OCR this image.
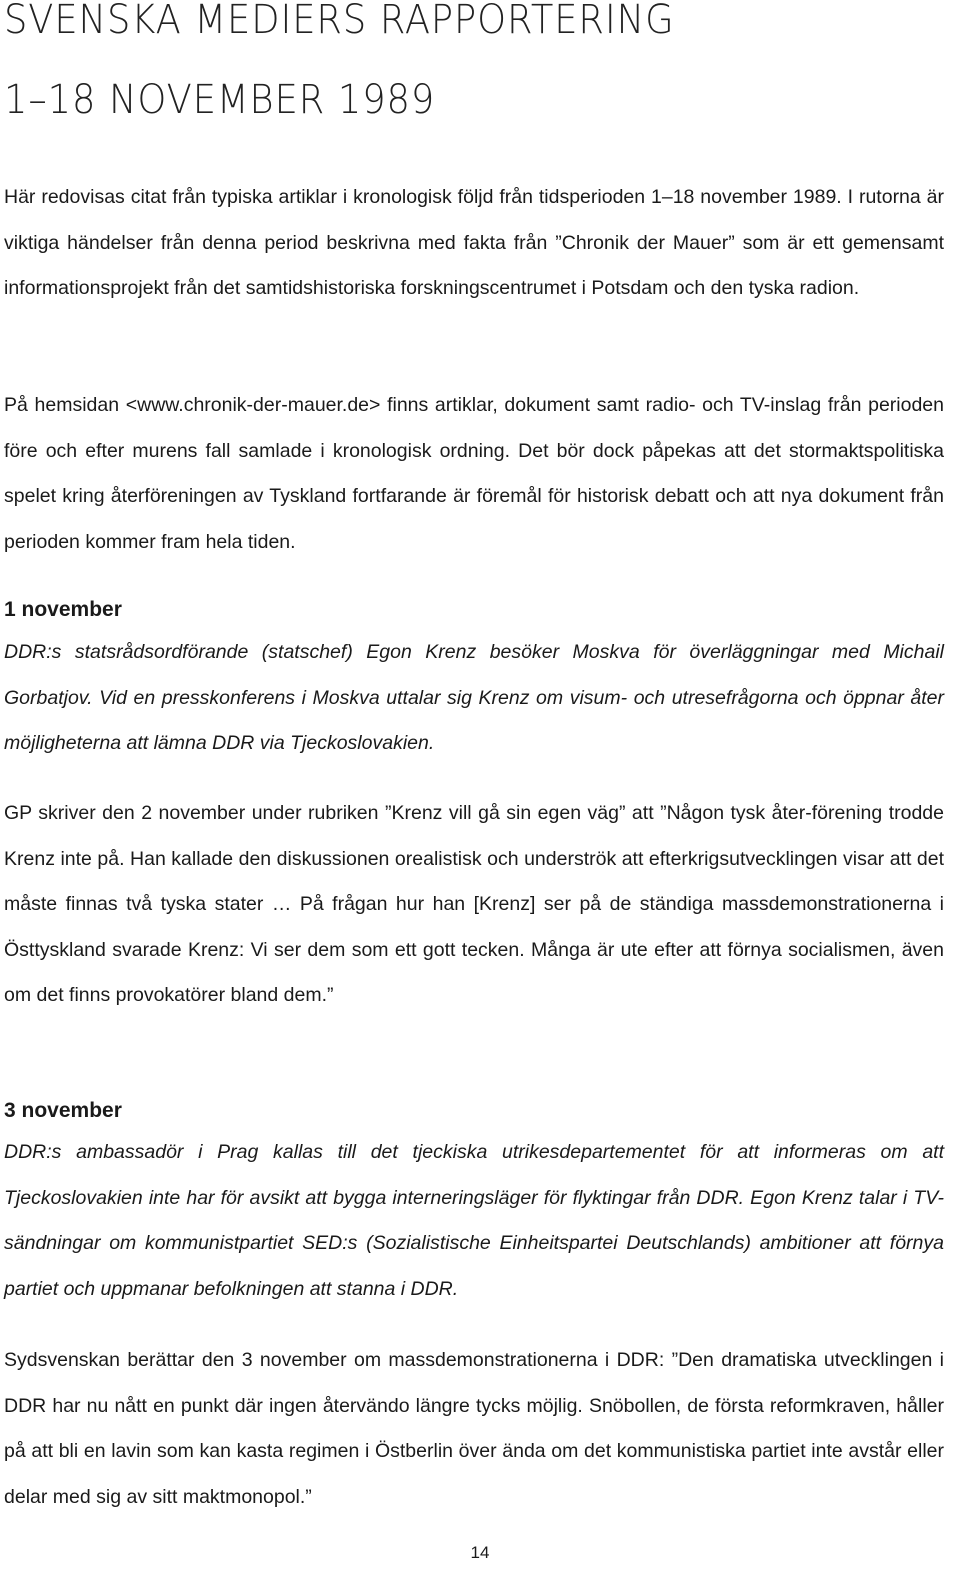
SVENSKA MEDIERS RAPPORTERING
1–18 NOVEMBER 1989

Här redovisas citat från typiska artiklar i kronologisk följd från tidsperioden 1–18 november 1989. I rutorna är viktiga händelser från denna period beskrivna med fakta från ”Chronik der Mauer” som är ett gemensamt informationsprojekt från det samtidshistoriska forskningscentrumet i Potsdam och den tyska radion.

På hemsidan <www.chronik-der-mauer.de> finns artiklar, dokument samt radio- och TV-inslag från perioden före och efter murens fall samlade i kronologisk ordning. Det bör dock påpekas att det stormaktspolitiska spelet kring återföreningen av Tyskland fortfarande är föremål för historisk debatt och att nya dokument från perioden kommer fram hela tiden.

1 november

DDR:s statsrådsordförande (statschef) Egon Krenz besöker Moskva för överläggningar med Michail Gorbatjov. Vid en presskonferens i Moskva uttalar sig Krenz om visum- och utresefrågorna och öppnar åter möjligheterna att lämna DDR via Tjeckoslovakien.

GP skriver den 2 november under rubriken ”Krenz vill gå sin egen väg” att ”Någon tysk åter-förening trodde Krenz inte på. Han kallade den diskussionen orealistisk och underströk att efterkrigsutvecklingen visar att det måste finnas två tyska stater … På frågan hur han [Krenz] ser på de ständiga massdemonstrationerna i Östtyskland svarade Krenz: Vi ser dem som ett gott tecken. Många är ute efter att förnya socialismen, även om det finns provokatörer bland dem.”

3 november

DDR:s ambassadör i Prag kallas till det tjeckiska utrikesdepartementet för att informeras om att Tjeckoslovakien inte har för avsikt att bygga interneringsläger för flyktingar från DDR. Egon Krenz talar i TV-sändningar om kommunistpartiet SED:s (Sozialistische Einheitspartei Deutschlands) ambitioner att förnya partiet och uppmanar befolkningen att stanna i DDR.

Sydsvenskan berättar den 3 november om massdemonstrationerna i DDR: ”Den dramatiska utvecklingen i DDR har nu nått en punkt där ingen återvändo längre tycks möjlig. Snöbollen, de första reformkraven, håller på att bli en lavin som kan kasta regimen i Östberlin över ända om det kommunistiska partiet inte avstår eller delar med sig av sitt maktmonopol.”

14
